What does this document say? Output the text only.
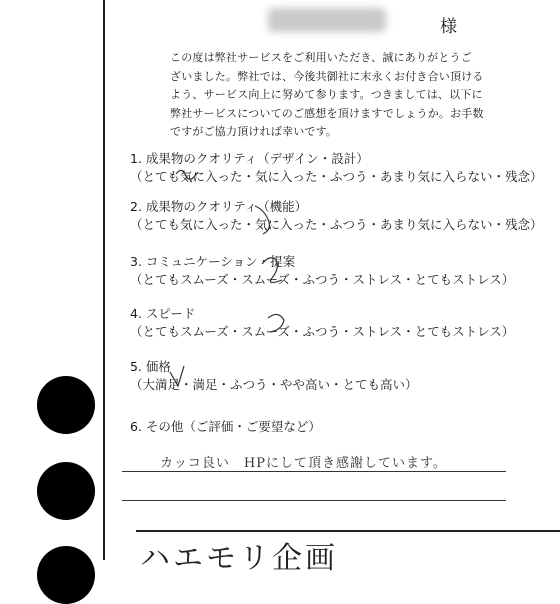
様
この度は弊社サービスをご利用いただき、誠にありがとうご
ざいました。弊社では、今後共御社に末永くお付き合い頂ける
よう、サービス向上に努めて参ります。つきましては、以下に
弊社サービスについてのご感想を頂けますでしょうか。お手数
ですがご協力頂ければ幸いです。
1. 成果物のクオリティ（デザイン・設計）
（とても気に入った・気に入った・ふつう・あまり気に入らない・残念）
2. 成果物のクオリティ（機能）
（とても気に入った・気に入った・ふつう・あまり気に入らない・残念）
3. コミュニケーション・提案
（とてもスムーズ・スムーズ・ふつう・ストレス・とてもストレス）
4. スピード
（とてもスムーズ・スムーズ・ふつう・ストレス・とてもストレス）
5. 価格
（大満足・満足・ふつう・やや高い・とても高い）
6. その他（ご評価・ご要望など）
カッコ良い　HPにして頂き感謝しています。
ハエモリ企画
